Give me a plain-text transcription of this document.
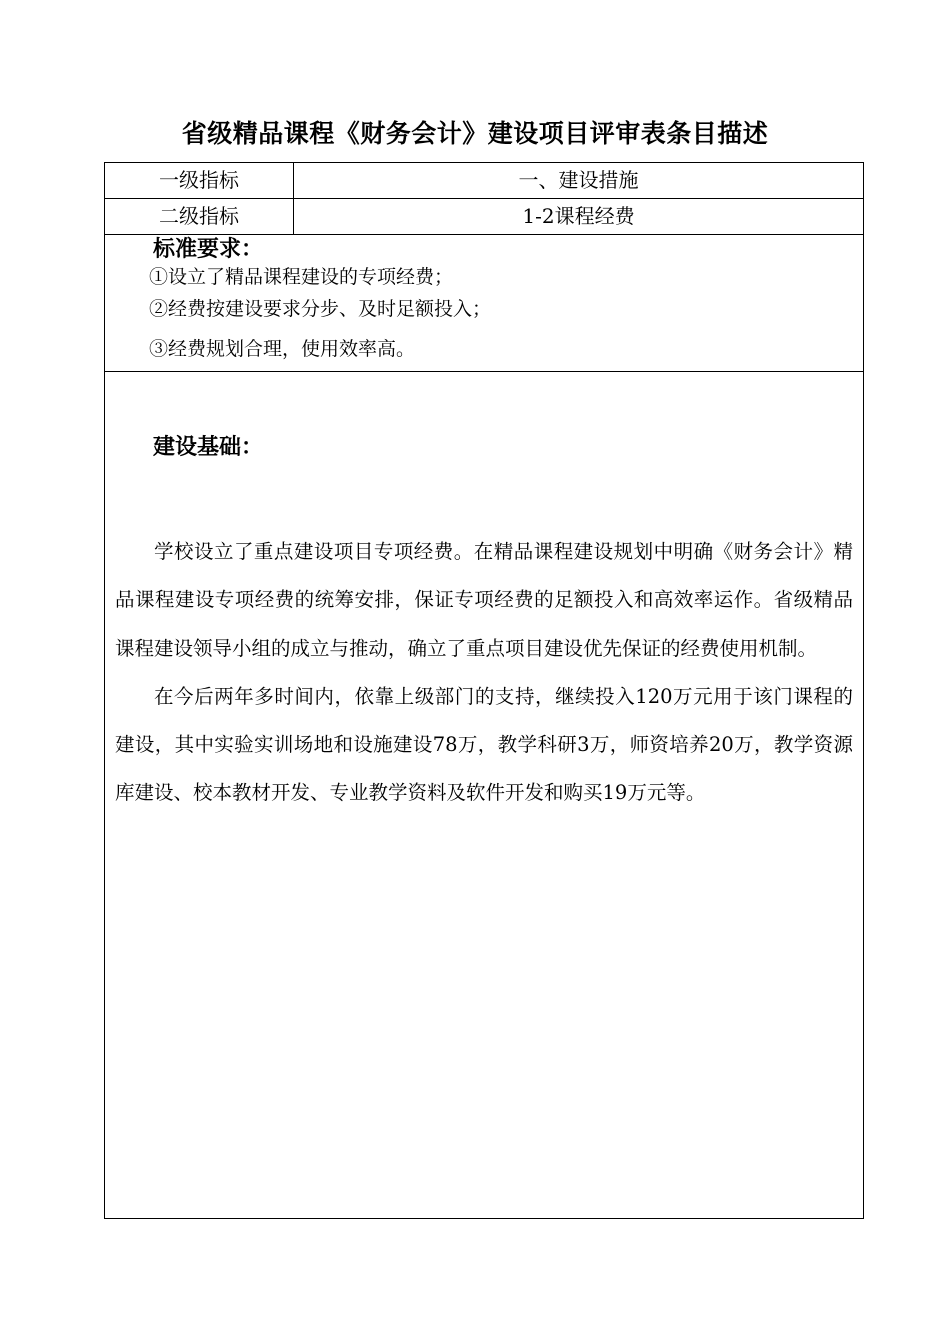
省级精品课程《财务会计》建设项目评审表条目描述
一级指标	一、建设措施
二级指标	1-2课程经费
标准要求：
①设立了精品课程建设的专项经费；
②经费按建设要求分步、及时足额投入；
③经费规划合理，使用效率高。
建设基础：

学校设立了重点建设项目专项经费。在精品课程建设规划中明确《财务会计》精品课程建设专项经费的统筹安排，保证专项经费的足额投入和高效率运作。省级精品课程建设领导小组的成立与推动，确立了重点项目建设优先保证的经费使用机制。

在今后两年多时间内，依靠上级部门的支持，继续投入120万元用于该门课程的建设，其中实验实训场地和设施建设78万，教学科研3万，师资培养20万，教学资源库建设、校本教材开发、专业教学资料及软件开发和购买19万元等。
